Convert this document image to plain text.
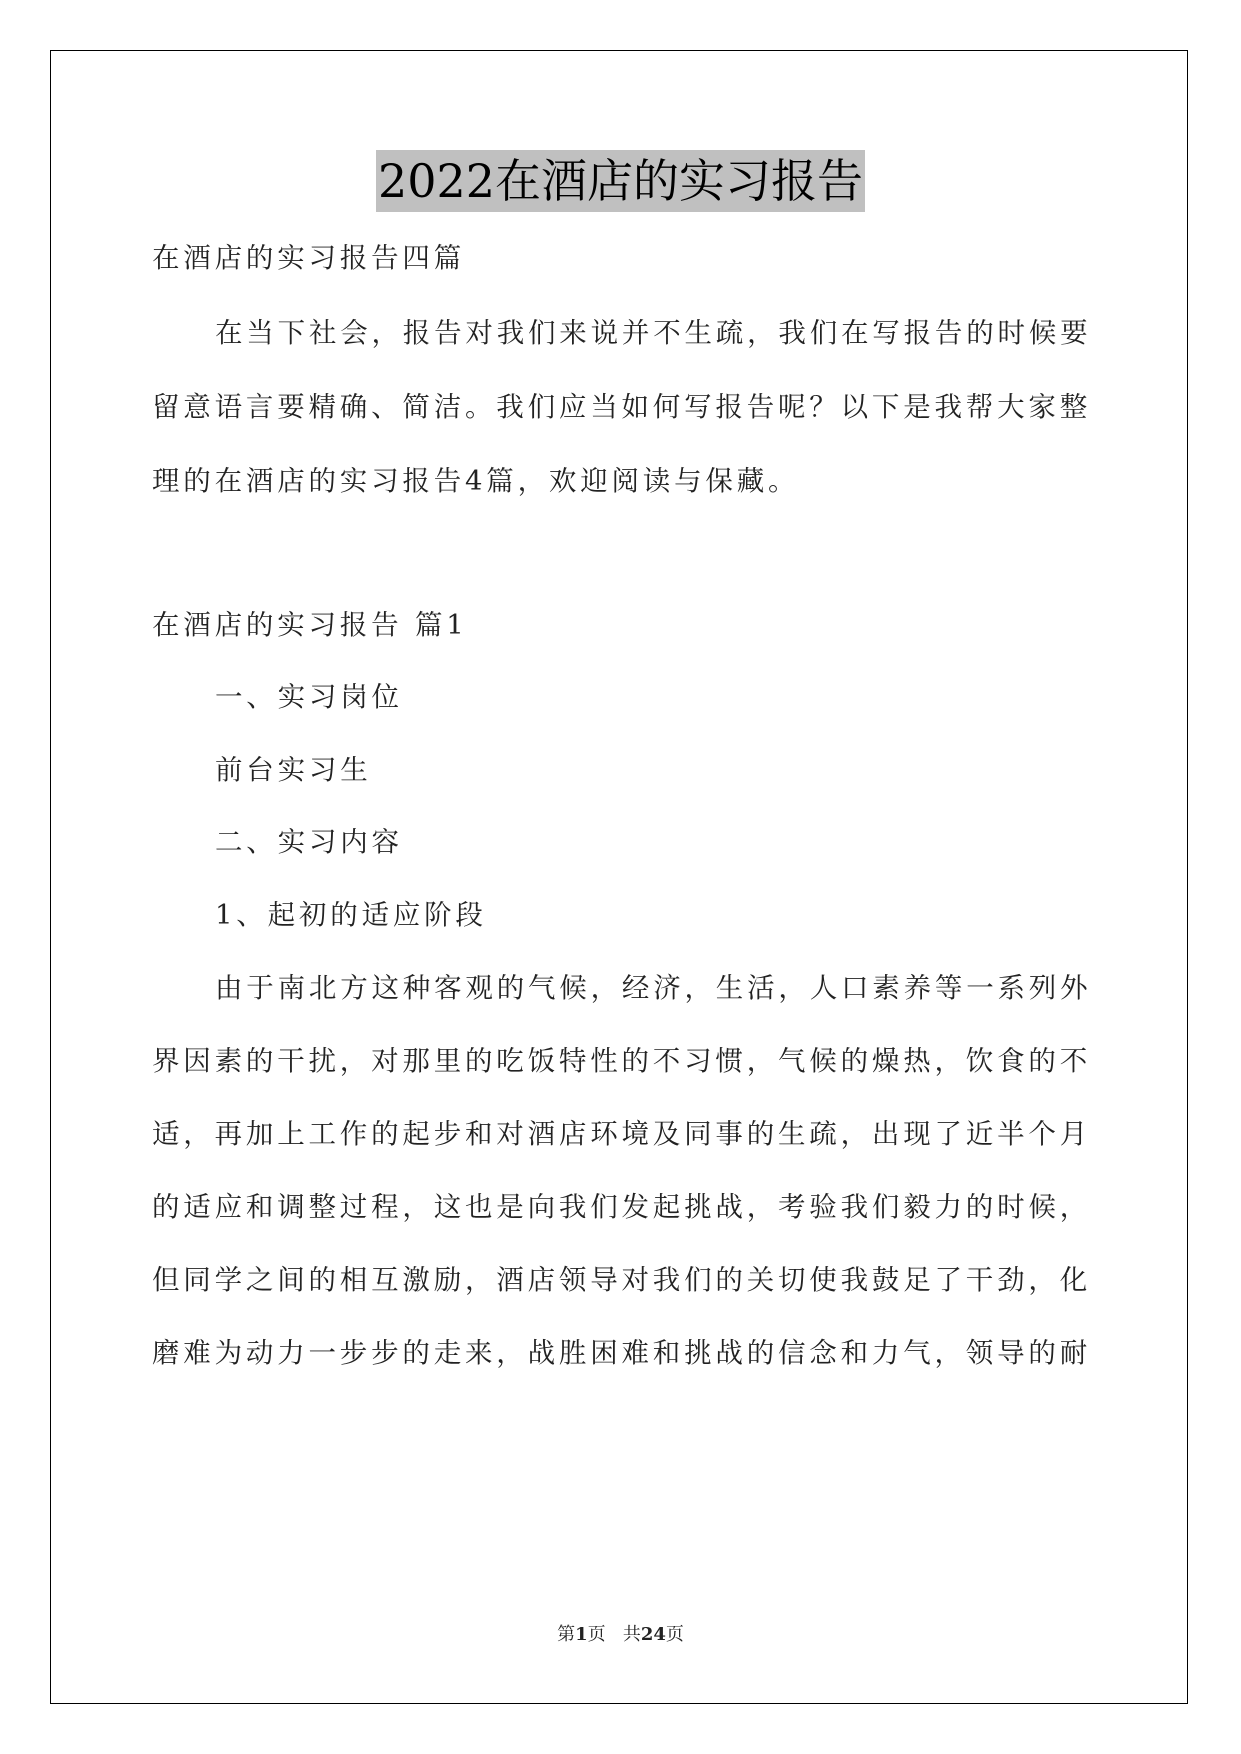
2022在酒店的实习报告

在酒店的实习报告四篇

在当下社会，报告对我们来说并不生疏，我们在写报告的时候要

留意语言要精确、简洁。我们应当如何写报告呢？以下是我帮大家整

理的在酒店的实习报告4篇，欢迎阅读与保藏。

在酒店的实习报告 篇1

一、实习岗位

前台实习生

二、实习内容

1、起初的适应阶段

由于南北方这种客观的气候，经济，生活，人口素养等一系列外

界因素的干扰，对那里的吃饭特性的不习惯，气候的燥热，饮食的不

适，再加上工作的起步和对酒店环境及同事的生疏，出现了近半个月

的适应和调整过程，这也是向我们发起挑战，考验我们毅力的时候，

但同学之间的相互激励，酒店领导对我们的关切使我鼓足了干劲，化

磨难为动力一步步的走来，战胜困难和挑战的信念和力气，领导的耐

第1页 共24页
